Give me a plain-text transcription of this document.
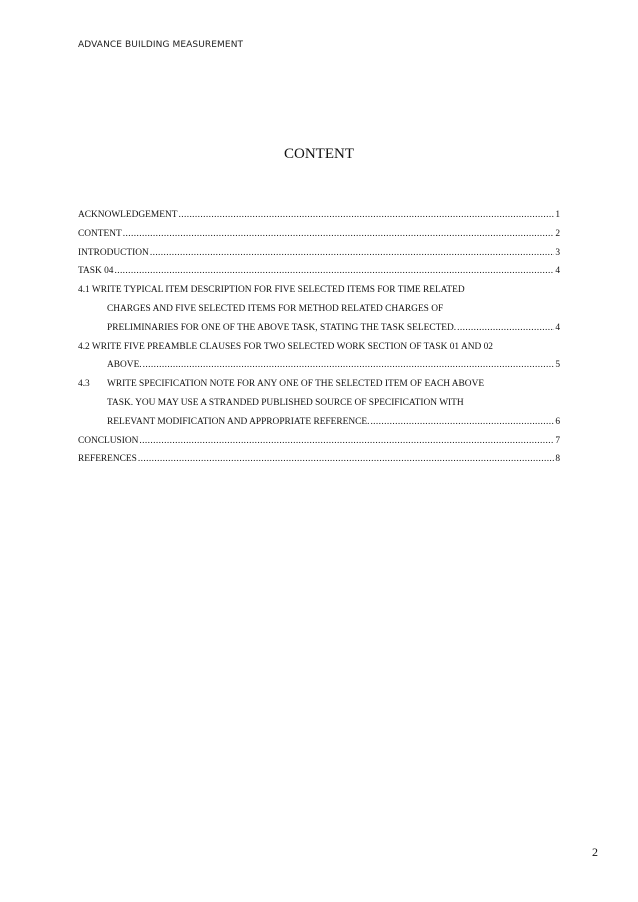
ADVANCE BUILDING MEASUREMENT
CONTENT
ACKNOWLEDGEMENT .....	1
CONTENT .....	2
INTRODUCTION .....	3
TASK 04 .....	4
4.1 WRITE TYPICAL ITEM DESCRIPTION FOR FIVE SELECTED ITEMS FOR TIME RELATED
CHARGES AND FIVE SELECTED ITEMS FOR METHOD RELATED CHARGES OF
PRELIMINARIES FOR ONE OF THE ABOVE TASK, STATING THE TASK SELECTED. .....	4
4.2 WRITE FIVE PREAMBLE CLAUSES FOR TWO SELECTED WORK SECTION OF TASK 01 AND 02
ABOVE. .....	5
4.3	WRITE SPECIFICATION NOTE FOR ANY ONE OF THE SELECTED ITEM OF EACH ABOVE
TASK. YOU MAY USE A STRANDED PUBLISHED SOURCE OF SPECIFICATION WITH
RELEVANT MODIFICATION AND APPROPRIATE REFERENCE. .....	6
CONCLUSION .....	7
REFERENCES .....	8
2
